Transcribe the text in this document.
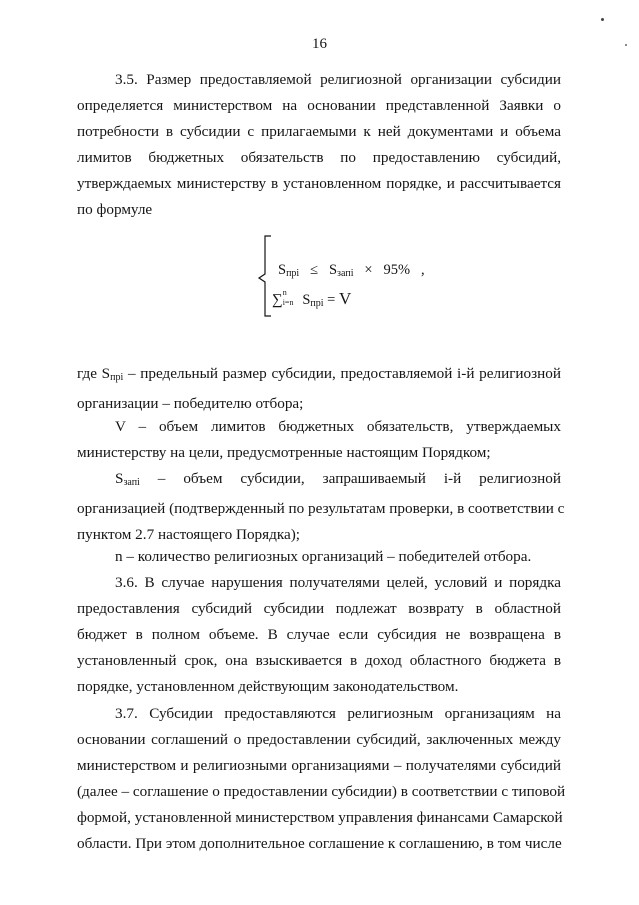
16

3.5. Размер предоставляемой религиозной организации субсидии
определяется министерством на основании представленной Заявки о
потребности в субсидии с прилагаемыми к ней документами и объема
лимитов бюджетных обязательств по предоставлению субсидий,
утверждаемых министерству в установленном порядке, и рассчитывается
по формуле

Sпpi ≤ Sзaпi × 95% ,
∑ n
i=n Sпpi = V

где $S_{пpi}$ – предельный размер субсидии, предоставляемой i-й религиозной
организации – победителю отбора;

V – объем лимитов бюджетных обязательств, утверждаемых
министерству на цели, предусмотренные настоящим Порядком;

$S_{запi}$ – объем субсидии, запрашиваемый i-й религиозной
организацией (подтвержденный по результатам проверки, в соответствии с
пунктом 2.7 настоящего Порядка);

n – количество религиозных организаций – победителей отбора.

3.6. В случае нарушения получателями целей, условий и порядка
предоставления субсидий субсидии подлежат возврату в областной
бюджет в полном объеме. В случае если субсидия не возвращена в
установленный срок, она взыскивается в доход областного бюджета в
порядке, установленном действующим законодательством.

3.7. Субсидии предоставляются религиозным организациям на
основании соглашений о предоставлении субсидий, заключенных между
министерством и религиозными организациями – получателями субсидий
(далее – соглашение о предоставлении субсидии) в соответствии с типовой
формой, установленной министерством управления финансами Самарской
области. При этом дополнительное соглашение к соглашению, в том числе
